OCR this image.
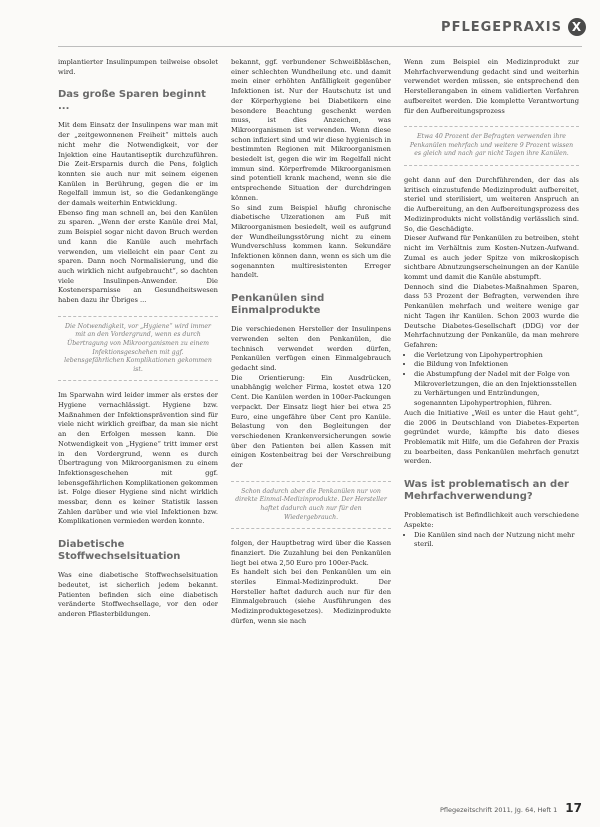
PFLEGEPRAXIS X

implantierter Insulinpumpen teilweise obsolet wird.

Das große Sparen beginnt ...

Mit dem Einsatz der Insulinpens war man mit der „zeitgewonnenen Freiheit“ mittels auch nicht mehr die Notwendigkeit, vor der Injektion eine Hautantiseptik durchzuführen. Die Zeit-Ersparnis durch die Pens, folglich konnten sie auch nur mit seinem eigenen Kanülen in Berührung, gegen die er im Regelfall immun ist, so die Gedankengänge der damals weiterhin Entwicklung.

Ebenso fing man schnell an, bei den Kanülen zu sparen. „Wenn der erste Kanüle drei Mal, zum Beispiel sogar nicht davon Bruch werden und kann die Kanüle auch mehrfach verwenden, um vielleicht ein paar Cent zu sparen. Dann noch Normalisierung, und die auch wirklich nicht aufgebraucht“, so dachten viele Insulinpen-Anwender. Die Kostenersparnisse an Gesundheitswesen haben dazu ihr Übriges ...

Die Notwendigkeit, vor „Hygiene“ wird immer mit an den Vordergrund, wenn es durch Übertragung von Mikroorganismen zu einem Infektionsgeschehen mit ggf. lebensgefährlichen Komplikationen gekommen ist.

Im Sparwahn wird leider immer als erstes der Hygiene vernachlässigt. Hygiene bzw. Maßnahmen der Infektionsprävention sind für viele nicht wirklich greifbar, da man sie nicht an den Erfolgen messen kann. Die Notwendigkeit von „Hygiene“ tritt immer erst in den Vordergrund, wenn es durch Übertragung von Mikroorganismen zu einem Infektionsgeschehen mit ggf. lebensgefährlichen Komplikationen gekommen ist. Folge dieser Hygiene sind nicht wirklich messbar, denn es keiner Statistik lassen Zahlen darüber und wie viel Infektionen bzw. Komplikationen vermieden werden konnte.

Diabetische Stoffwechselsituation

Was eine diabetische Stoffwechselsituation bedeutet, ist sicherlich jedem bekannt. Patienten befinden sich eine diabetisch veränderte Stoffwechsellage, vor den oder anderen Pflasterbildungen.

bekannt, ggf. verbundener Schweißbläschen, einer schlechten Wundheilung etc. und damit mein einer erhöhten Anfälligkeit gegenüber Infektionen ist. Nur der Hautschutz ist und der Körperhygiene bei Diabetikern eine besondere Beachtung geschenkt werden muss, ist dies Anzeichen, was Mikroorganismen ist verwenden. Wenn diese schon infiziert sind und wir diese hygienisch in bestimmten Regionen mit Mikroorganismen besiedelt ist, gegen die wir im Regelfall nicht immun sind. Körperfremde Mikroorganismen sind potentiell krank machend, wenn sie die entsprechende Situation der durchdringen können.

So sind zum Beispiel häufig chronische diabetische Ulzerationen am Fuß mit Mikroorganismen besiedelt, weil es aufgrund der Wundheilungsstörung nicht zu einem Wundverschluss kommen kann. Sekundäre Infektionen können dann, wenn es sich um die sogenannten multiresistenten Erreger handelt.

Penkanülen sind Einmalprodukte

Die verschiedenen Hersteller der Insulinpens verwenden selten den Penkanülen, die technisch verwendet werden dürfen, Penkanülen verfügen einen Einmalgebrauch gedacht sind.

Die Orientierung: Ein Ausdrücken, unabhängig welcher Firma, kostet etwa 120 Cent. Die Kanülen werden in 100er-Packungen verpackt. Der Einsatz liegt hier bei etwa 25 Euro, eine ungefähre über Cent pro Kanüle. Belastung von den Begleitungen der verschiedenen Krankenversicherungen sowie über den Patienten bei allen Kassen mit einigen Kostenbeitrag bei der Verschreibung der

Schon dadurch aber die Penkanülen nur von direkte Einmal-Medizinprodukte. Der Hersteller haftet dadurch auch nur für den Wiedergebrauch.

folgen, der Hauptbetrag wird über die Kassen finanziert. Die Zuzahlung bei den Penkanülen liegt bei etwa 2,50 Euro pro 100er-Pack.

Es handelt sich bei den Penkanülen um ein steriles Einmal-Medizinprodukt. Der Hersteller haftet dadurch auch nur für den Einmalgebrauch (siehe Ausführungen des Medizinproduktegesetzes). Medizinprodukte dürfen, wenn sie nach

Wenn zum Beispiel ein Medizinprodukt zur Mehrfachverwendung gedacht sind und weiterhin verwendet werden müssen, sie entsprechend den Herstellerangaben in einem validierten Verfahren aufbereitet werden. Die komplette Verantwortung für den Aufbereitungsprozess

Etwa 40 Prozent der Befragten verwenden ihre Penkanülen mehrfach und weitere 9 Prozent wissen es gleich und nach gar nicht Tagen ihre Kanülen.

geht dann auf den Durchführenden, der das als kritisch einzustufende Medizinprodukt aufbereitet, steriel und sterilisiert, um weiteren Anspruch an die Aufbereitung, an den Aufbereitungsprozess des Medizinprodukts nicht vollständig verlässlich sind. So, die Geschädigte.

Dieser Aufwand für Penkanülen zu betreiben, steht nicht im Verhältnis zum Kosten-Nutzen-Aufwand. Zumal es auch jeder Spitze von mikroskopisch sichtbare Abnutzungserscheinungen an der Kanüle kommt und damit die Kanüle abstumpft.

Dennoch sind die Diabetes-Maßnahmen Sparen, dass 53 Prozent der Befragten, verwenden ihre Penkanülen mehrfach und weitere wenige gar nicht Tagen ihr Kanülen. Schon 2003 wurde die Deutsche Diabetes-Gesellschaft (DDG) vor der Mehrfachnutzung der Penkanüle, da man mehrere Gefahren:

• die Verletzung von Lipohypertrophien
• die Bildung von Infektionen
• die Abstumpfung der Nadel mit der Folge von Mikroverletzungen, die an den Injektionsstellen zu Verhärtungen und Entzündungen, sogenannten Lipohypertrophien, führen.

Auch die Initiative „Weil es unter die Haut geht“, die 2006 in Deutschland von Diabetes-Experten gegründet wurde, kämpfte bis dato dieses Problematik mit Hilfe, um die Gefahren der Praxis zu bearbeiten, dass Penkanülen mehrfach genutzt werden.

Was ist problematisch an der Mehrfachverwendung?

Problematisch ist Befindlichkeit auch verschiedene Aspekte:

• Die Kanülen sind nach der Nutzung nicht mehr steril.
Pflegezeitschrift 2011, Jg. 64, Heft 1 17
